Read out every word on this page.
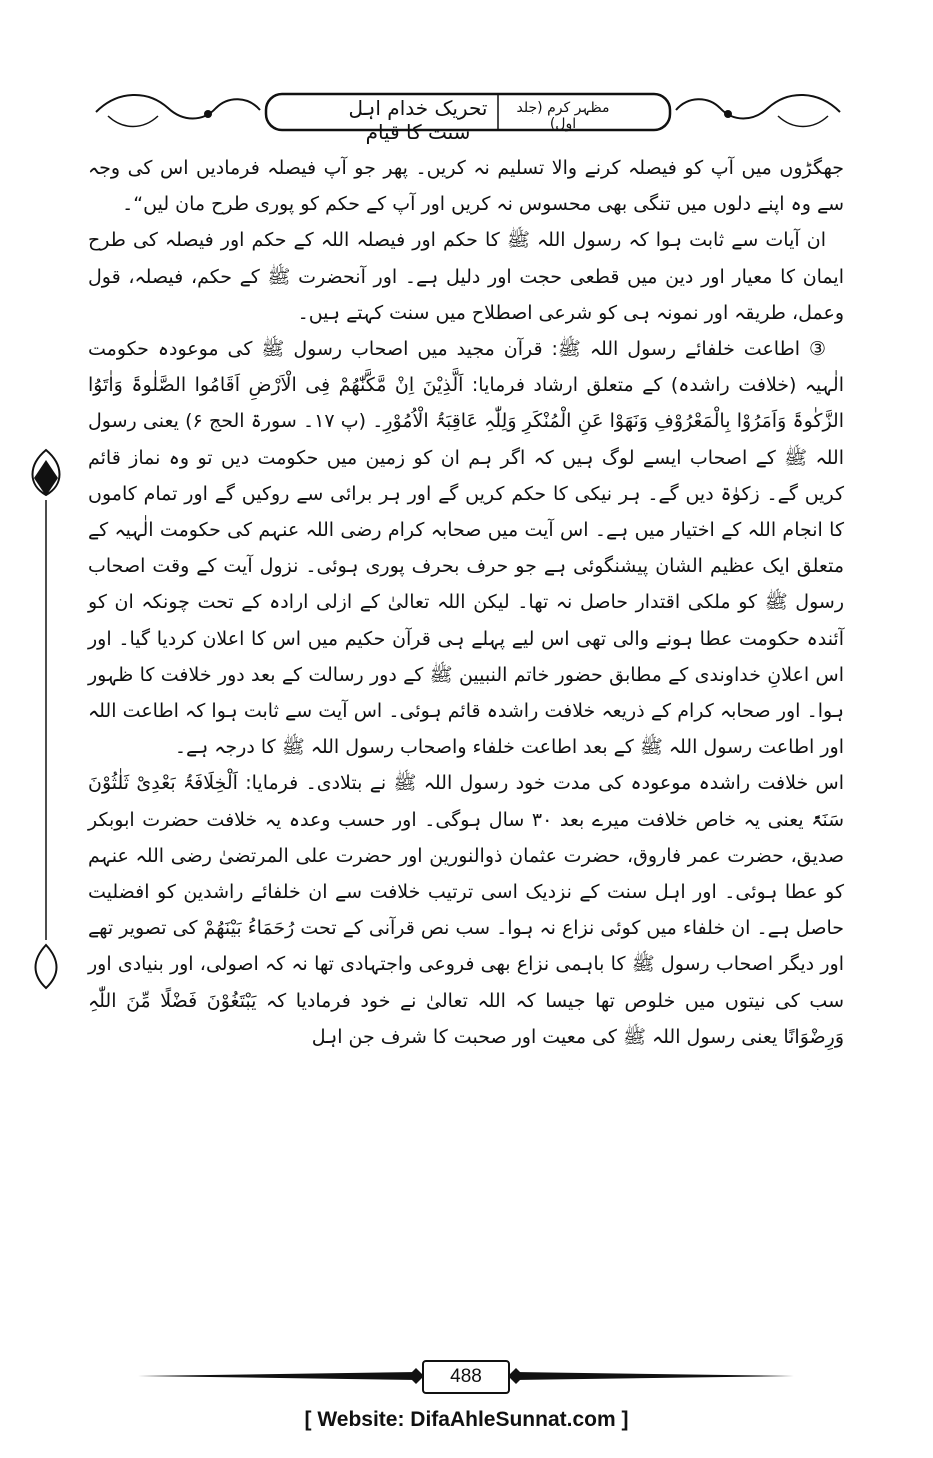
تحریک خدام اہل سنت کا قیام
مظہر کرم (جلد اول)

جھگڑوں میں آپ کو فیصلہ کرنے والا تسلیم نہ کریں۔ پھر جو آپ فیصلہ فرمادیں اس کی وجہ سے وہ اپنے دلوں میں تنگی بھی محسوس نہ کریں اور آپ کے حکم کو پوری طرح مان لیں“۔

ان آیات سے ثابت ہوا کہ رسول اللہ ﷺ کا حکم اور فیصلہ اللہ کے حکم اور فیصلہ کی طرح ایمان کا معیار اور دین میں قطعی حجت اور دلیل ہے۔ اور آنحضرت ﷺ کے حکم، فیصلہ، قول وعمل، طریقہ اور نمونہ ہی کو شرعی اصطلاح میں سنت کہتے ہیں۔

③ اطاعت خلفائے رسول اللہ ﷺ: قرآن مجید میں اصحاب رسول ﷺ کی موعودہ حکومت الٰہیہ (خلافت راشدہ) کے متعلق ارشاد فرمایا: اَلَّذِیْنَ اِنْ مَّکَّنّٰھُمْ فِی الْاَرْضِ اَقَامُوا الصَّلٰوۃَ وَاٰتَوُا الزَّکٰوۃَ وَاَمَرُوْا بِالْمَعْرُوْفِ وَنَھَوْا عَنِ الْمُنْکَرِ وَلِلّٰہِ عَاقِبَۃُ الْاُمُوْرِ۔ (پ ۱۷۔ سورۃ الحج ۶) یعنی رسول اللہ ﷺ کے اصحاب ایسے لوگ ہیں کہ اگر ہم ان کو زمین میں حکومت دیں تو وہ نماز قائم کریں گے۔ زکوٰۃ دیں گے۔ ہر نیکی کا حکم کریں گے اور ہر برائی سے روکیں گے اور تمام کاموں کا انجام اللہ کے اختیار میں ہے۔ اس آیت میں صحابہ کرام رضی اللہ عنہم کی حکومت الٰہیہ کے متعلق ایک عظیم الشان پیشنگوئی ہے جو حرف بحرف پوری ہوئی۔ نزول آیت کے وقت اصحاب رسول ﷺ کو ملکی اقتدار حاصل نہ تھا۔ لیکن اللہ تعالیٰ کے ازلی ارادہ کے تحت چونکہ ان کو آئندہ حکومت عطا ہونے والی تھی اس لیے پہلے ہی قرآن حکیم میں اس کا اعلان کردیا گیا۔ اور اس اعلانِ خداوندی کے مطابق حضور خاتم النبیین ﷺ کے دور رسالت کے بعد دور خلافت کا ظہور ہوا۔ اور صحابہ کرام کے ذریعہ خلافت راشدہ قائم ہوئی۔ اس آیت سے ثابت ہوا کہ اطاعت اللہ اور اطاعت رسول اللہ ﷺ کے بعد اطاعت خلفاء واصحاب رسول اللہ ﷺ کا درجہ ہے۔

اس خلافت راشدہ موعودہ کی مدت خود رسول اللہ ﷺ نے بتلادی۔ فرمایا: اَلْخِلَافَۃُ بَعْدِیْ ثَلٰثُوْنَ سَنَۃً یعنی یہ خاص خلافت میرے بعد ۳۰ سال ہوگی۔ اور حسب وعدہ یہ خلافت حضرت ابوبکر صدیق، حضرت عمر فاروق، حضرت عثمان ذوالنورین اور حضرت علی المرتضیٰ رضی اللہ عنہم کو عطا ہوئی۔ اور اہل سنت کے نزدیک اسی ترتیب خلافت سے ان خلفائے راشدین کو افضلیت حاصل ہے۔ ان خلفاء میں کوئی نزاع نہ ہوا۔ سب نص قرآنی کے تحت رُحَمَاءُ بَیْنَھُمْ کی تصویر تھے اور دیگر اصحاب رسول ﷺ کا باہمی نزاع بھی فروعی واجتہادی تھا نہ کہ اصولی، اور بنیادی اور سب کی نیتوں میں خلوص تھا جیسا کہ اللہ تعالیٰ نے خود فرمادیا کہ یَبْتَغُوْنَ فَضْلًا مِّنَ اللّٰہِ وَرِضْوَانًا یعنی رسول اللہ ﷺ کی معیت اور صحبت کا شرف جن اہل

488
[ Website: DifaAhleSunnat.com ]
